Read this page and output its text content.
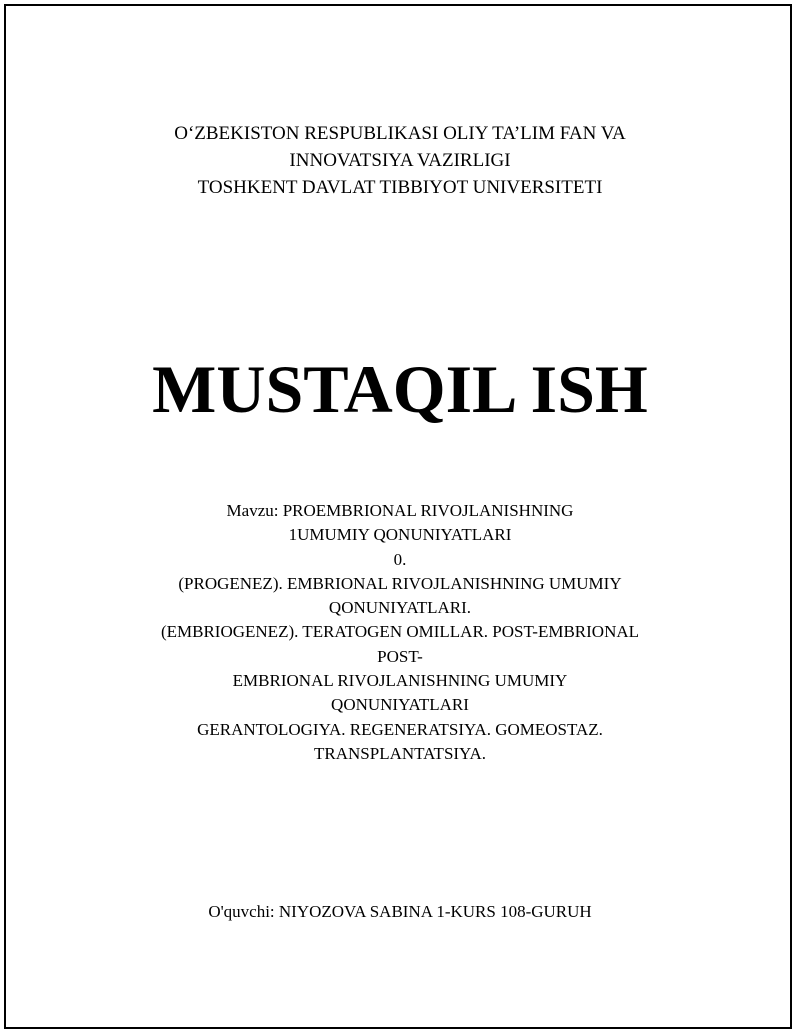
O‘ZBEKISTON RESPUBLIKASI OLIY TA’LIM FAN VA
INNOVATSIYA VAZIRLIGI
TOSHKENT DAVLAT TIBBIYOT UNIVERSITETI
MUSTAQIL ISH
Mavzu: PROEMBRIONAL RIVOJLANISHNING
1UMUMIY QONUNIYATLARI
0.
(PROGENEZ). EMBRIONAL RIVOJLANISHNING UMUMIY
QONUNIYATLARI.
(EMBRIOGENEZ). TERATOGEN OMILLAR. POST-EMBRIONAL
POST-
EMBRIONAL RIVOJLANISHNING UMUMIY
QONUNIYATLARI
GERANTOLOGIYA. REGENERATSIYA. GOMEOSTAZ.
TRANSPLANTATSIYA.
O'quvchi: NIYOZOVA SABINA 1-KURS 108-GURUH
